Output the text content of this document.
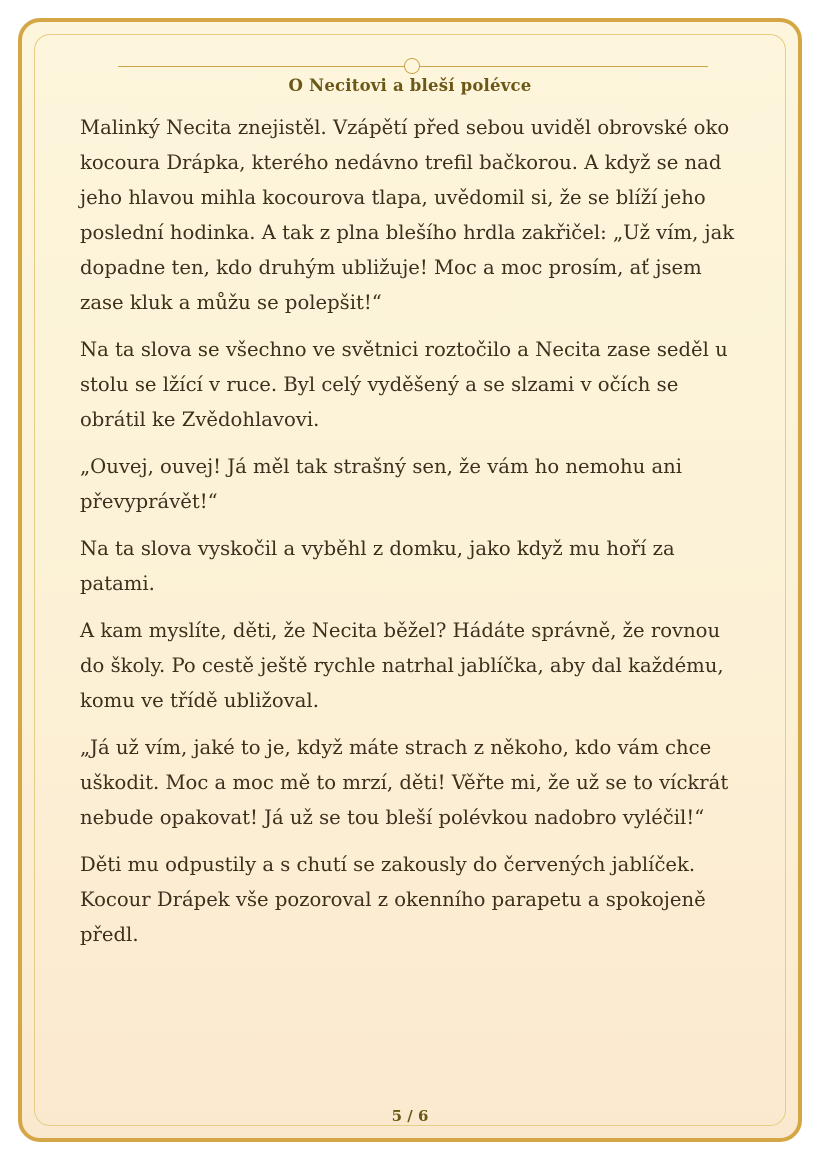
O Necitovi a bleší polévce

Malinký Necita znejistěl. Vzápětí před sebou uviděl obrovské oko kocoura Drápka, kterého nedávno trefil bačkorou. A když se nad jeho hlavou mihla kocourova tlapa, uvědomil si, že se blíží jeho poslední hodinka. A tak z plna blešího hrdla zakřičel: „Už vím, jak dopadne ten, kdo druhým ubližuje! Moc a moc prosím, ať jsem zase kluk a můžu se polepšit!“

Na ta slova se všechno ve světnici roztočilo a Necita zase seděl u stolu se lžící v ruce. Byl celý vyděšený a se slzami v očích se obrátil ke Zvědohlavovi.

„Ouvej, ouvej! Já měl tak strašný sen, že vám ho nemohu ani převyprávět!“

Na ta slova vyskočil a vyběhl z domku, jako když mu hoří za patami.

A kam myslíte, děti, že Necita běžel? Hádáte správně, že rovnou do školy. Po cestě ještě rychle natrhal jablíčka, aby dal každému, komu ve třídě ubližoval.

„Já už vím, jaké to je, když máte strach z někoho, kdo vám chce uškodit. Moc a moc mě to mrzí, děti! Věřte mi, že už se to víckrát nebude opakovat! Já už se tou bleší polévkou nadobro vyléčil!“

Děti mu odpustily a s chutí se zakously do červených jablíček. Kocour Drápek vše pozoroval z okenního parapetu a spokojeně předl.

5 / 6
